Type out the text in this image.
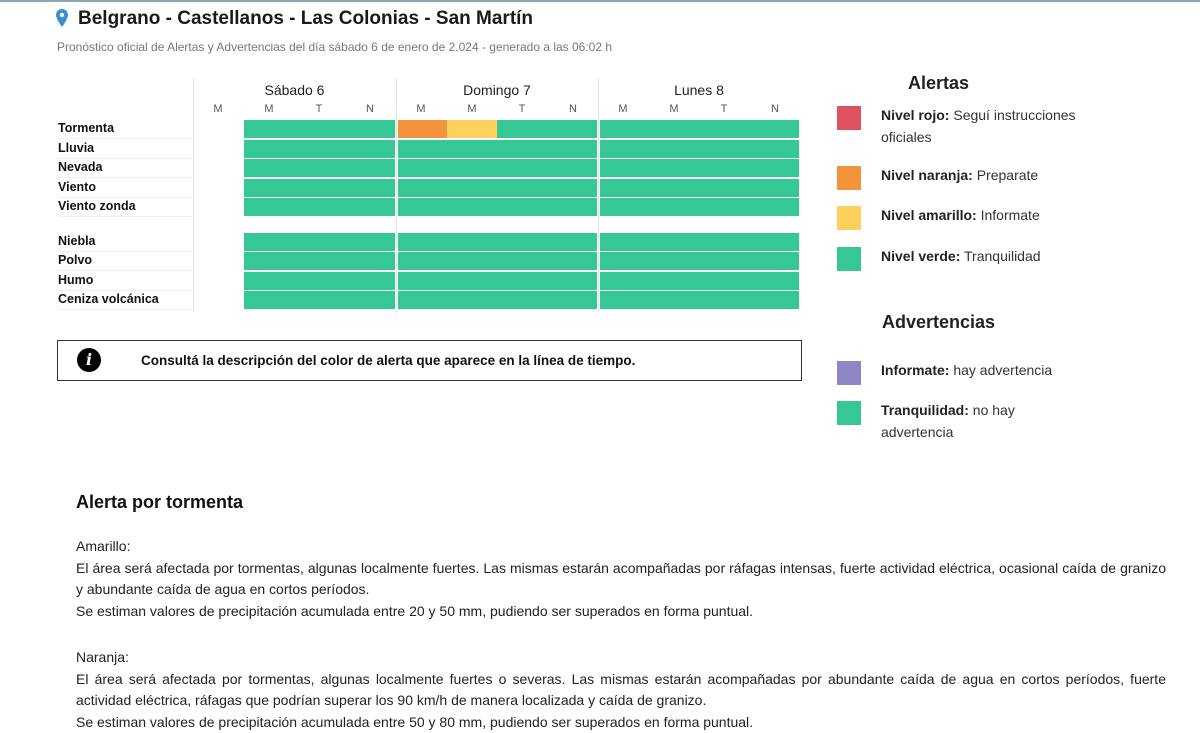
Belgrano - Castellanos - Las Colonias - San Martín
Pronóstico oficial de Alertas y Advertencias del día sábado 6 de enero de 2.024 - generado a las 06:02 h
Sábado 6	Domingo 7	Lunes 8
M	M	T	N	M	M	T	N	M	M	T	N
Tormenta
Lluvia
Nevada
Viento
Viento zonda
Niebla
Polvo
Humo
Ceniza volcánica
i	Consultá la descripción del color de alerta que aparece en la línea de tiempo.
Alertas
Advertencias
Nivel rojo: Seguí instrucciones oficiales
Nivel naranja: Preparate
Nivel amarillo: Informate
Nivel verde: Tranquilidad
Informate: hay advertencia
Tranquilidad: no hay advertencia
Alerta por tormenta
Amarillo:
El área será afectada por tormentas, algunas localmente fuertes. Las mismas estarán acompañadas por ráfagas intensas, fuerte actividad eléctrica, ocasional caída de granizo y abundante caída de agua en cortos períodos.
Se estiman valores de precipitación acumulada entre 20 y 50 mm, pudiendo ser superados en forma puntual.
Naranja:
El área será afectada por tormentas, algunas localmente fuertes o severas. Las mismas estarán acompañadas por abundante caída de agua en cortos períodos, fuerte actividad eléctrica, ráfagas que podrían superar los 90 km/h de manera localizada y caída de granizo.
Se estiman valores de precipitación acumulada entre 50 y 80 mm, pudiendo ser superados en forma puntual.
